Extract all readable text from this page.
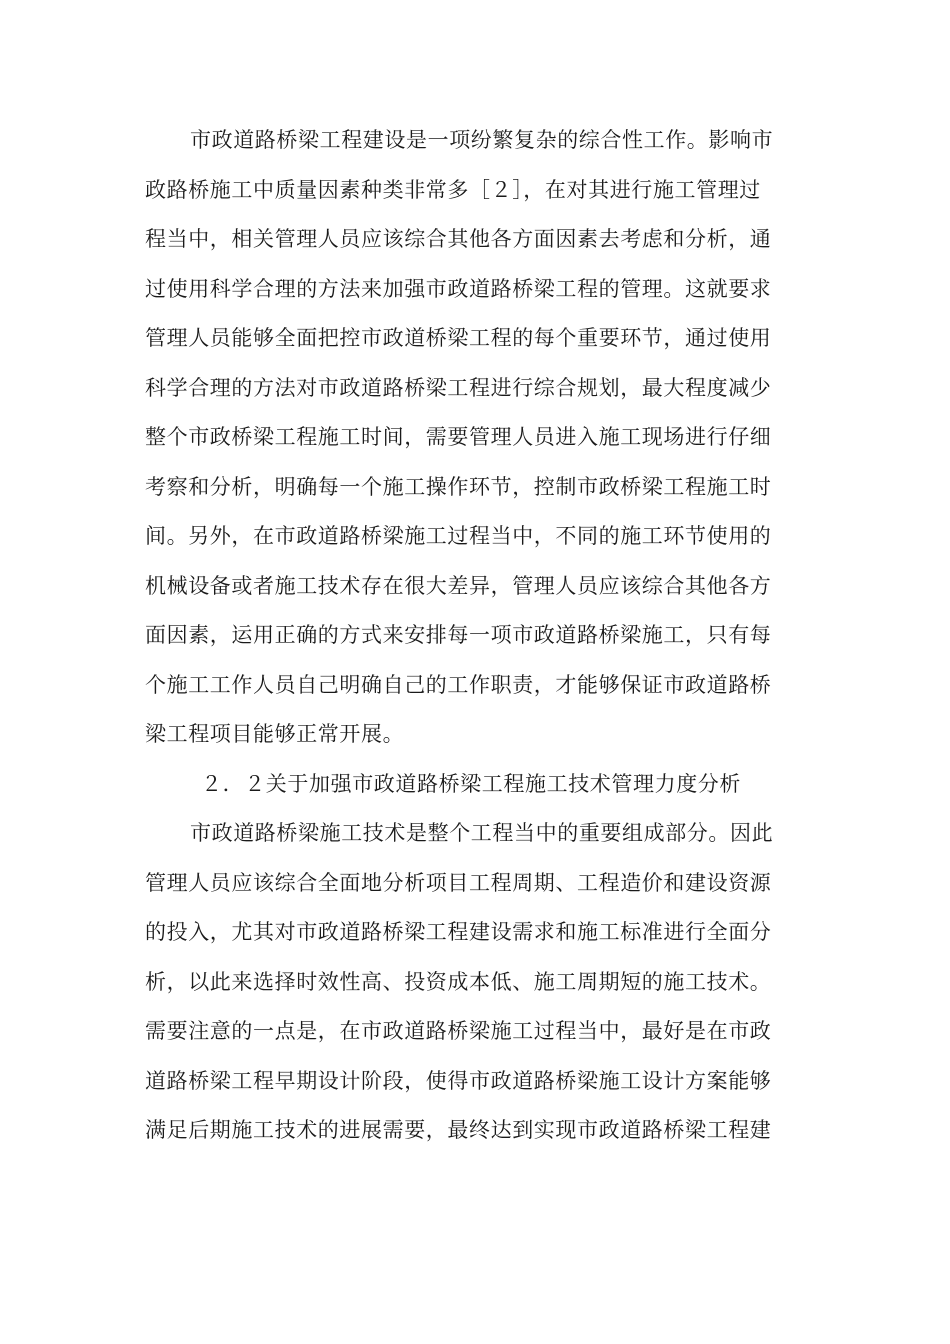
市政道路桥梁工程建设是一项纷繁复杂的综合性工作。影响市
政路桥施工中质量因素种类非常多［２］，在对其进行施工管理过
程当中，相关管理人员应该综合其他各方面因素去考虑和分析，通
过使用科学合理的方法来加强市政道路桥梁工程的管理。这就要求
管理人员能够全面把控市政道桥梁工程的每个重要环节，通过使用
科学合理的方法对市政道路桥梁工程进行综合规划，最大程度减少
整个市政桥梁工程施工时间，需要管理人员进入施工现场进行仔细
考察和分析，明确每一个施工操作环节，控制市政桥梁工程施工时
间。另外，在市政道路桥梁施工过程当中，不同的施工环节使用的
机械设备或者施工技术存在很大差异，管理人员应该综合其他各方
面因素，运用正确的方式来安排每一项市政道路桥梁施工，只有每
个施工工作人员自己明确自己的工作职责，才能够保证市政道路桥
梁工程项目能够正常开展。
２．２关于加强市政道路桥梁工程施工技术管理力度分析
市政道路桥梁施工技术是整个工程当中的重要组成部分。因此
管理人员应该综合全面地分析项目工程周期、工程造价和建设资源
的投入，尤其对市政道路桥梁工程建设需求和施工标准进行全面分
析，以此来选择时效性高、投资成本低、施工周期短的施工技术。
需要注意的一点是，在市政道路桥梁施工过程当中，最好是在市政
道路桥梁工程早期设计阶段，使得市政道路桥梁施工设计方案能够
满足后期施工技术的进展需要，最终达到实现市政道路桥梁工程建
